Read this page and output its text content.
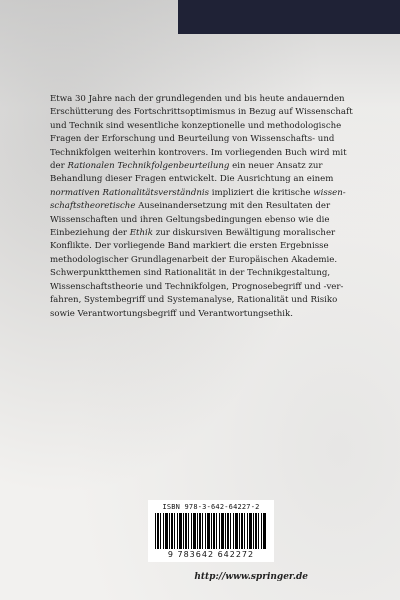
Etwa 30 Jahre nach der grundlegenden und bis heute andauernden
Erschütterung des Fortschrittsoptimismus in Bezug auf Wissenschaft
und Technik sind wesentliche konzeptionelle und methodologische
Fragen der Erforschung und Beurteilung von Wissenschafts- und
Technikfolgen weiterhin kontrovers. Im vorliegenden Buch wird mit
der Rationalen Technikfolgenbeurteilung ein neuer Ansatz zur
Behandlung dieser Fragen entwickelt. Die Ausrichtung an einem
normativen Rationalitätsverständnis impliziert die kritische wissen-
schaftstheoretische Auseinandersetzung mit den Resultaten der
Wissenschaften und ihren Geltungsbedingungen ebenso wie die
Einbeziehung der Ethik zur diskursiven Bewältigung moralischer
Konflikte. Der vorliegende Band markiert die ersten Ergebnisse
methodologischer Grundlagenarbeit der Europäischen Akademie.
Schwerpunktthemen sind Rationalität in der Technikgestaltung,
Wissenschaftstheorie und Technikfolgen, Prognosebegriff und -ver-
fahren, Systembegriff und Systemanalyse, Rationalität und Risiko
sowie Verantwortungsbegriff und Verantwortungsethik.

ISBN 978-3-642-64227-2
9 783642 642272
http://www.springer.de
